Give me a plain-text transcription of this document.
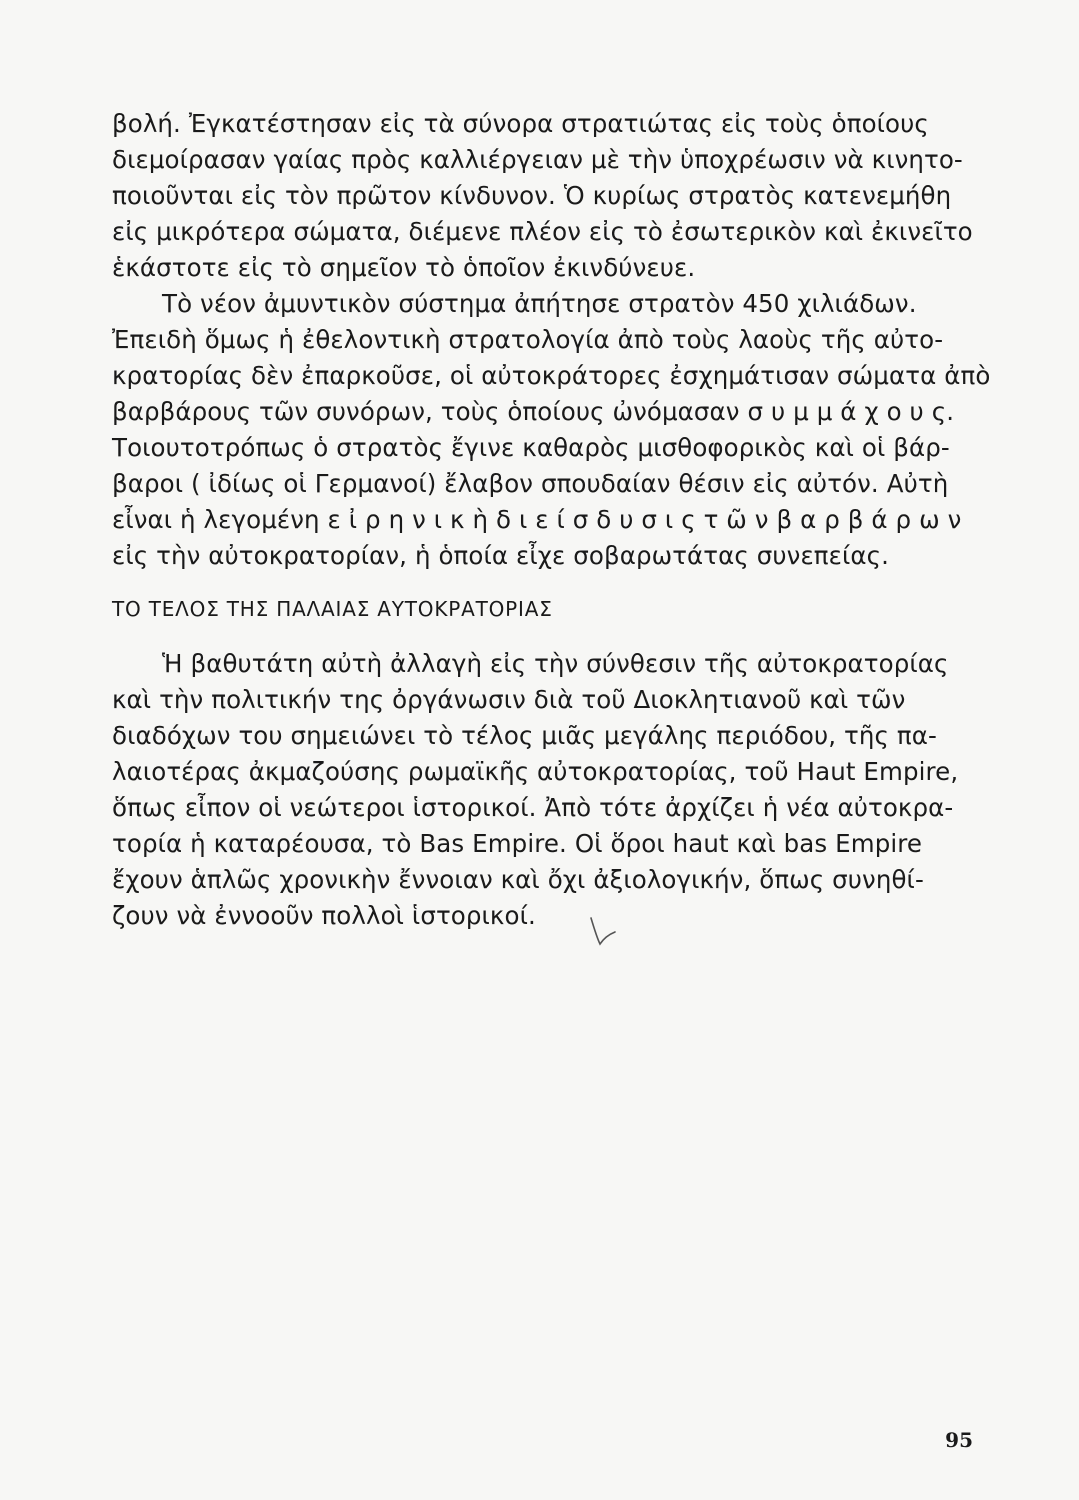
βολή. Ἐγκατέστησαν εἰς τὰ σύνορα στρατιώτας εἰς τοὺς ὁποίους
διεμοίρασαν γαίας πρὸς καλλιέργειαν μὲ τὴν ὑποχρέωσιν νὰ κινητο-
ποιοῦνται εἰς τὸν πρῶτον κίνδυνον. Ὁ κυρίως στρατὸς κατενεμήθη
εἰς μικρότερα σώματα, διέμενε πλέον εἰς τὸ ἐσωτερικὸν καὶ ἐκινεῖτο
ἑκάστοτε εἰς τὸ σημεῖον τὸ ὁποῖον ἐκινδύνευε.
Τὸ νέον ἀμυντικὸν σύστημα ἀπήτησε στρατὸν 450 χιλιάδων.
Ἐπειδὴ ὅμως ἡ ἐθελοντικὴ στρατολογία ἀπὸ τοὺς λαοὺς τῆς αὐτο-
κρατορίας δὲν ἐπαρκοῦσε, οἱ αὐτοκράτορες ἐσχημάτισαν σώματα ἀπὸ
βαρβάρους τῶν συνόρων, τοὺς ὁποίους ὠνόμασαν σ υ μ μ ά χ ο υ ς.
Τοιουτοτρόπως ὁ στρατὸς ἔγινε καθαρὸς μισθοφορικὸς καὶ οἱ βάρ-
βαροι ( ἰδίως οἱ Γερμανοί) ἔλαβον σπουδαίαν θέσιν εἰς αὐτόν. Αὐτὴ
εἶναι ἡ λεγομένη ε ἰ ρ η ν ι κ ὴ δ ι ε ί σ δ υ σ ι ς τ ῶ ν β α ρ β ά ρ ω ν
εἰς τὴν αὐτοκρατορίαν, ἡ ὁποία εἶχε σοβαρωτάτας συνεπείας.
ΤΟ ΤΕΛΟΣ ΤΗΣ ΠΑΛΑΙΑΣ ΑΥΤΟΚΡΑΤΟΡΙΑΣ
Ἡ βαθυτάτη αὐτὴ ἀλλαγὴ εἰς τὴν σύνθεσιν τῆς αὐτοκρατορίας
καὶ τὴν πολιτικήν της ὀργάνωσιν διὰ τοῦ Διοκλητιανοῦ καὶ τῶν
διαδόχων του σημειώνει τὸ τέλος μιᾶς μεγάλης περιόδου, τῆς πα-
λαιοτέρας ἀκμαζούσης ρωμαϊκῆς αὐτοκρατορίας, τοῦ Haut Empire,
ὅπως εἶπον οἱ νεώτεροι ἱστορικοί. Ἀπὸ τότε ἀρχίζει ἡ νέα αὐτοκρα-
τορία ἡ καταρέουσα, τὸ Bas Empire. Οἱ ὅροι haut καὶ bas Empire
ἔχουν ἁπλῶς χρονικὴν ἔννοιαν καὶ ὄχι ἀξιολογικήν, ὅπως συνηθί-
ζουν νὰ ἐννοοῦν πολλοὶ ἱστορικοί.
95
